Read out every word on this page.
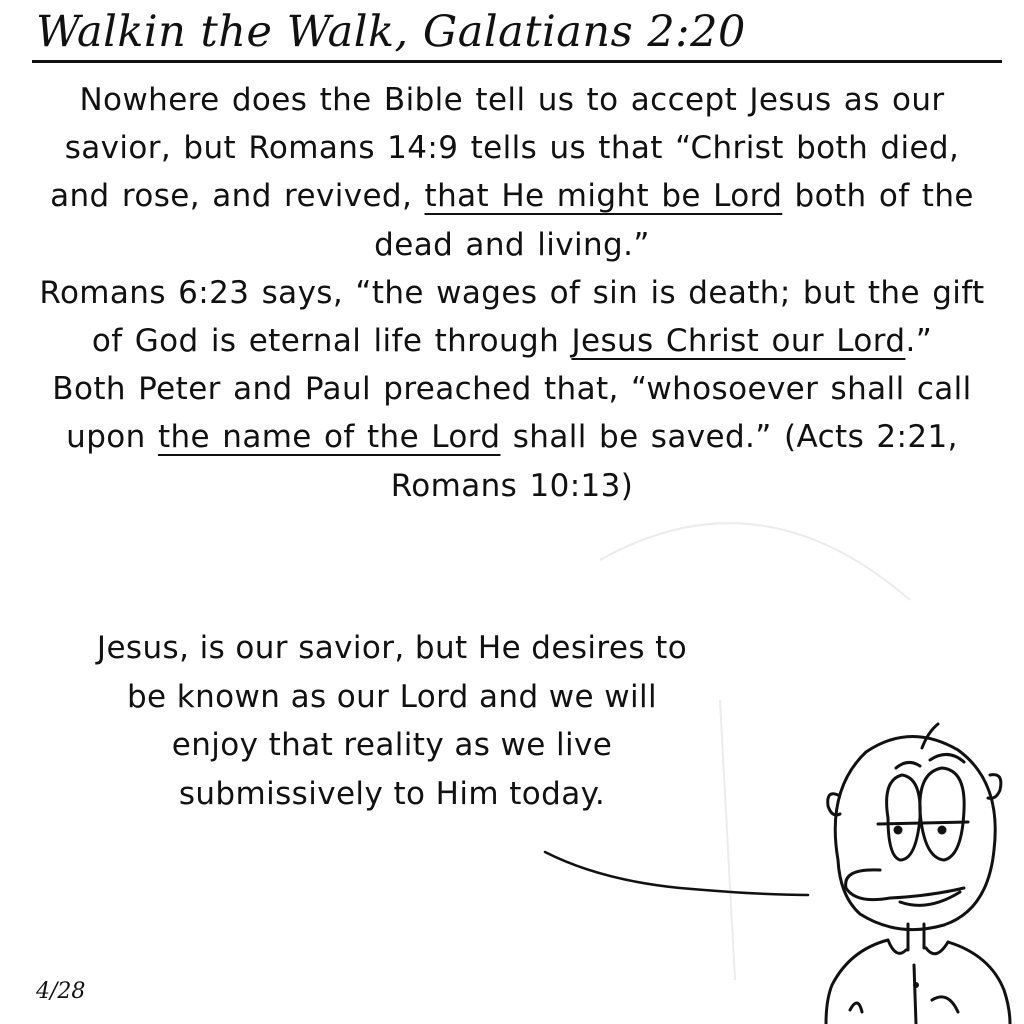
Walkin the Walk, Galatians 2:20

Nowhere does the Bible tell us to accept Jesus as our savior, but Romans 14:9 tells us that “Christ both died, and rose, and revived, that He might be Lord both of the dead and living.”

Romans 6:23 says, “the wages of sin is death; but the gift of God is eternal life through Jesus Christ our Lord.”

Both Peter and Paul preached that, “whosoever shall call upon the name of the Lord shall be saved.” (Acts 2:21, Romans 10:13)

Jesus, is our savior, but He desires to be known as our Lord and we will enjoy that reality as we live submissively to Him today.

4/28
